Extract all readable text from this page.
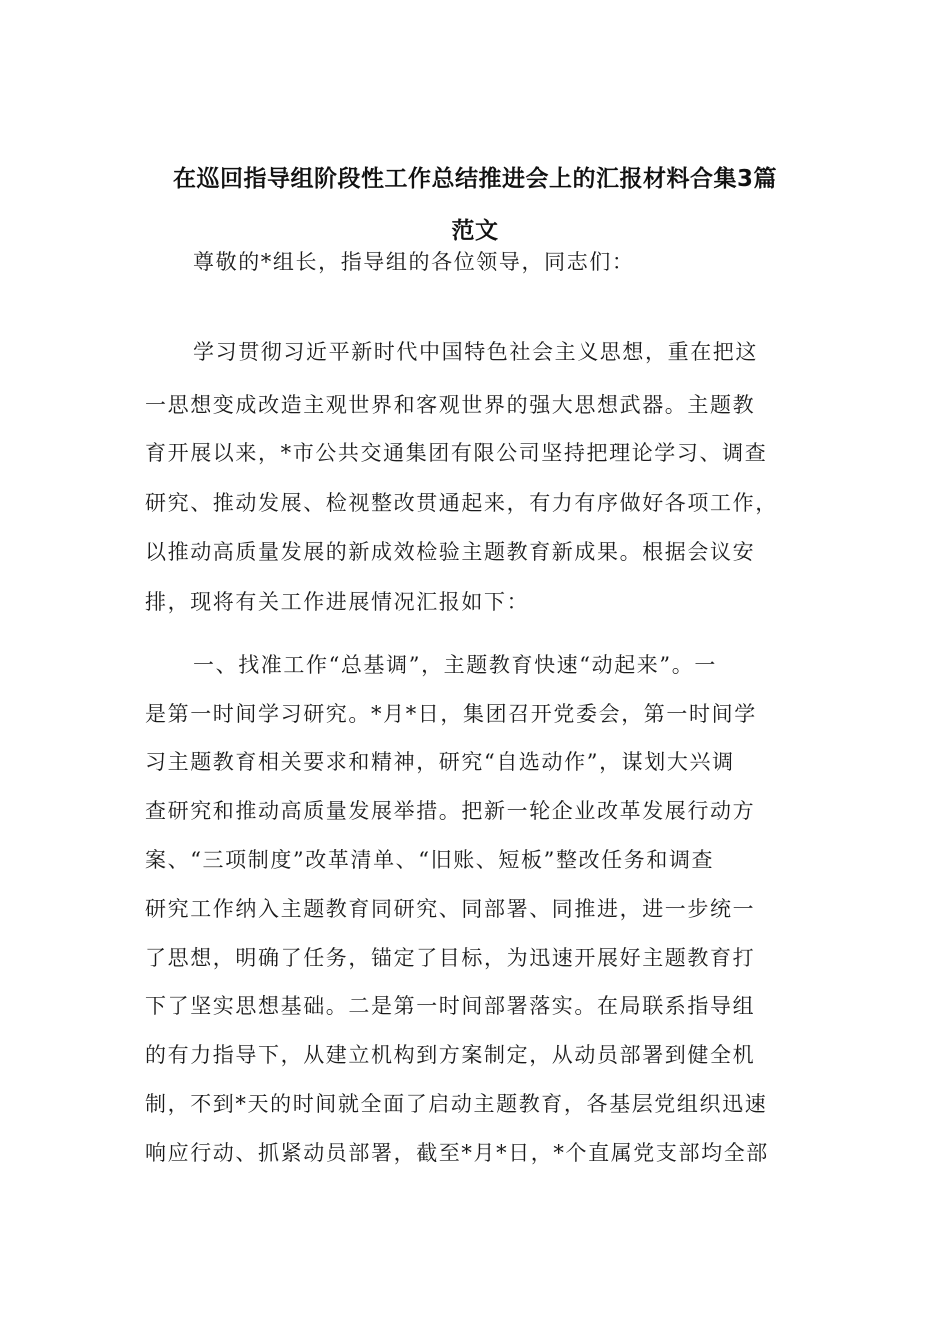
在巡回指导组阶段性工作总结推进会上的汇报材料合集3篇
范文
尊敬的*组长，指导组的各位领导，同志们：
学习贯彻习近平新时代中国特色社会主义思想，重在把这
一思想变成改造主观世界和客观世界的强大思想武器。主题教
育开展以来，*市公共交通集团有限公司坚持把理论学习、调查
研究、推动发展、检视整改贯通起来，有力有序做好各项工作，
以推动高质量发展的新成效检验主题教育新成果。根据会议安
排，现将有关工作进展情况汇报如下：
一、找准工作“总基调”，主题教育快速“动起来”。一
是第一时间学习研究。*月*日，集团召开党委会，第一时间学
习主题教育相关要求和精神，研究“自选动作”，谋划大兴调
查研究和推动高质量发展举措。把新一轮企业改革发展行动方
案、“三项制度”改革清单、“旧账、短板”整改任务和调查
研究工作纳入主题教育同研究、同部署、同推进，进一步统一
了思想，明确了任务，锚定了目标，为迅速开展好主题教育打
下了坚实思想基础。二是第一时间部署落实。在局联系指导组
的有力指导下，从建立机构到方案制定，从动员部署到健全机
制，不到*天的时间就全面了启动主题教育，各基层党组织迅速
响应行动、抓紧动员部署，截至*月*日，*个直属党支部均全部
